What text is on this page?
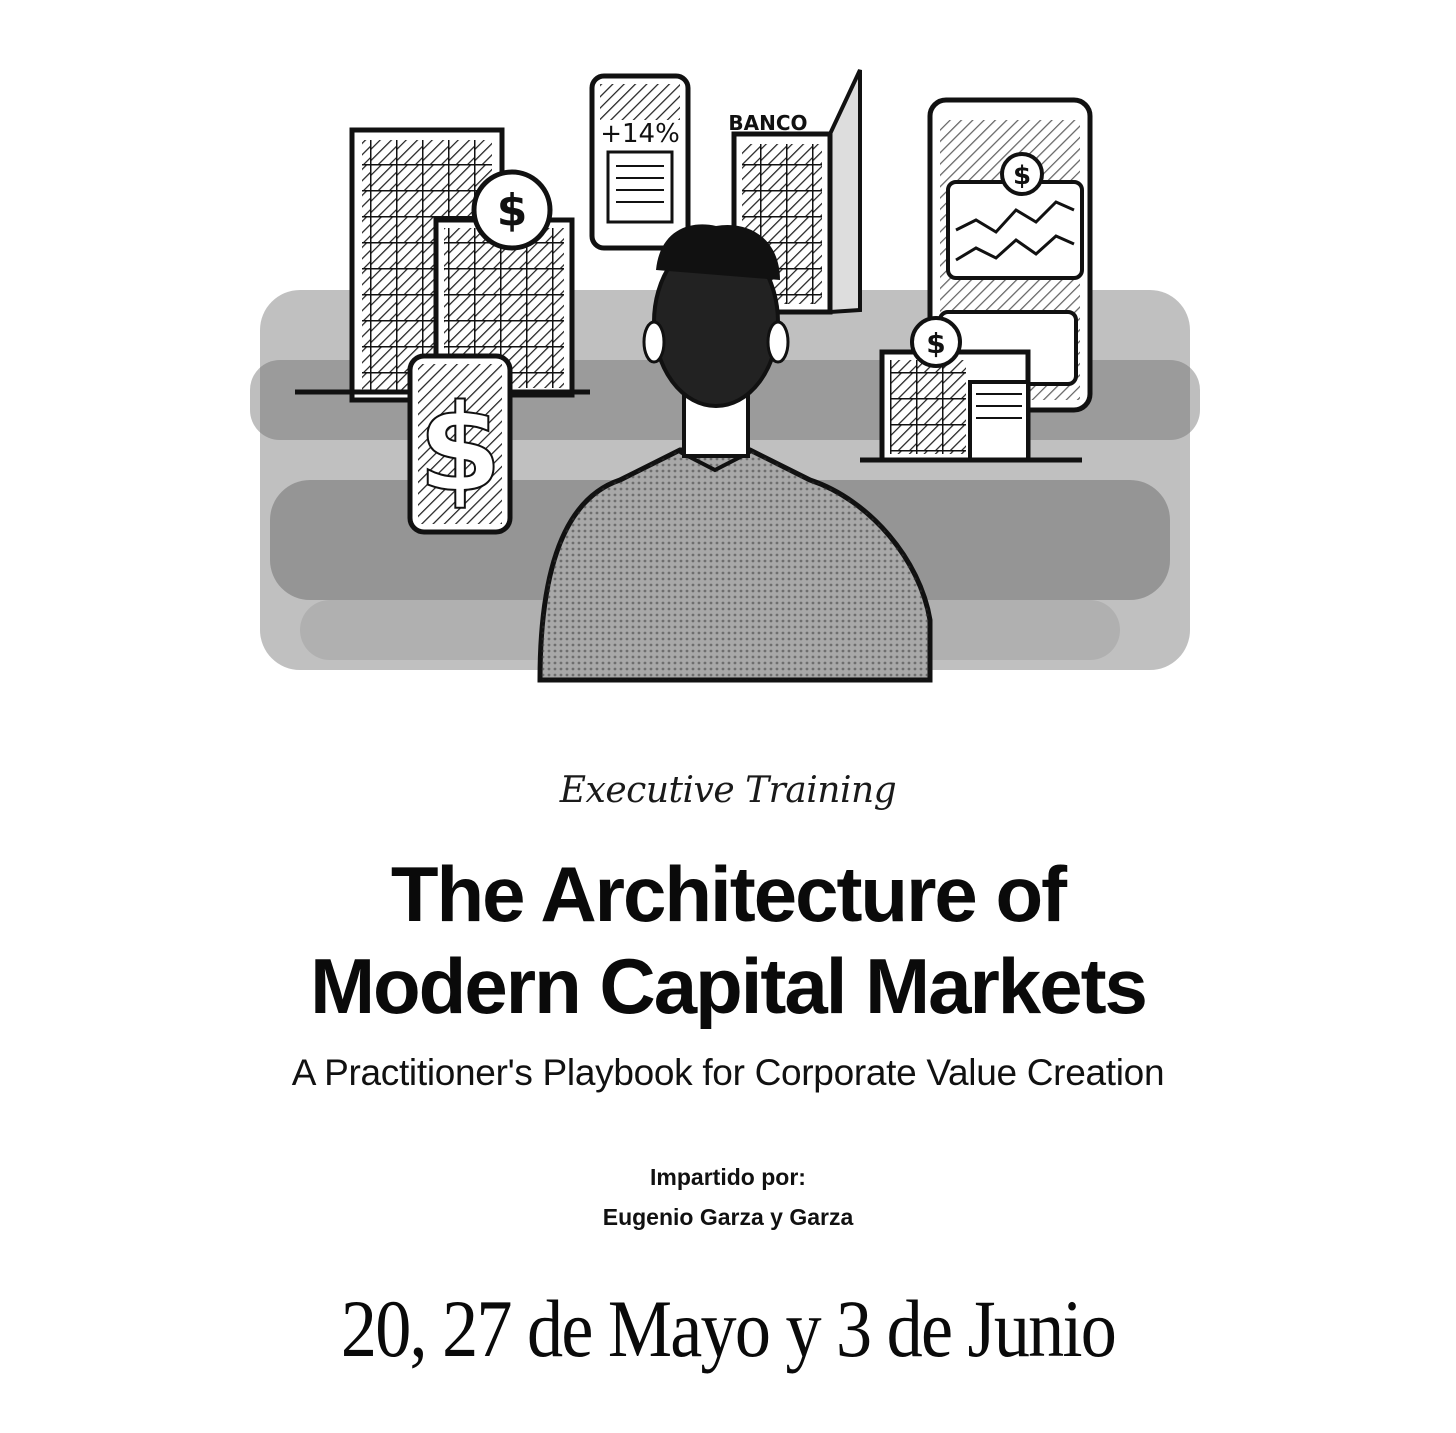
$
+14% BANCO
$
$
$
Executive Training
The Architecture of
Modern Capital Markets
A Practitioner's Playbook for Corporate Value Creation
Impartido por:
Eugenio Garza y Garza
20, 27 de Mayo y 3 de Junio
